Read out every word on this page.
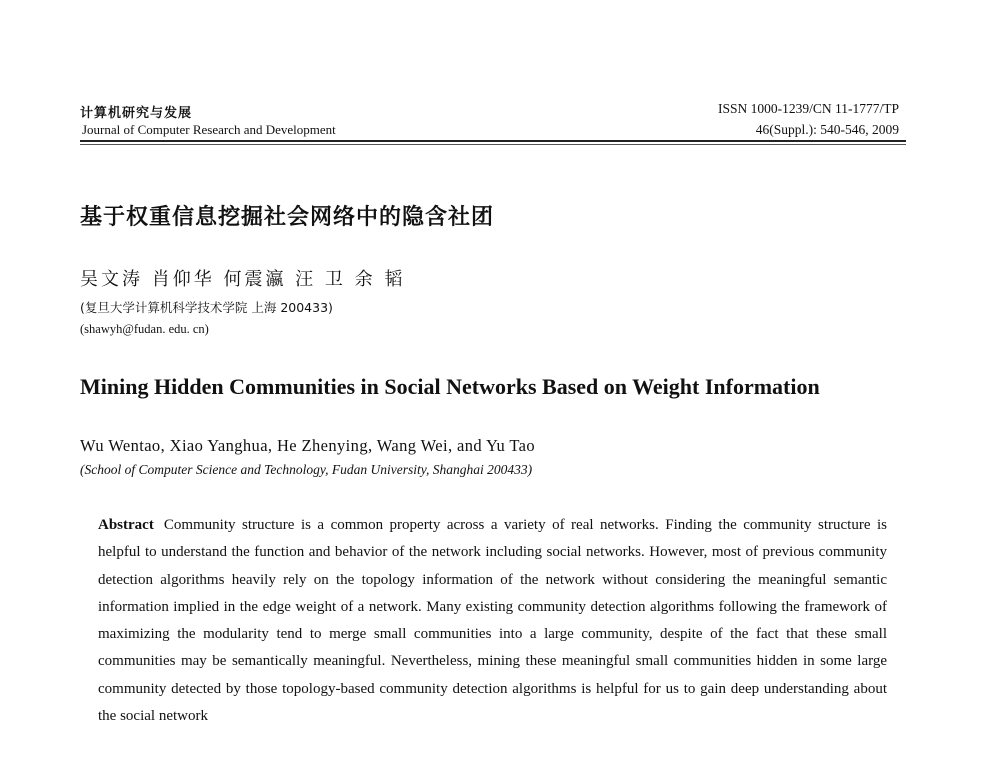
计算机研究与发展
Journal of Computer Research and Development
ISSN 1000-1239/CN 11-1777/TP
46(Suppl.): 540-546, 2009
基于权重信息挖掘社会网络中的隐含社团
吴文涛 肖仰华 何震瀛 汪 卫 余 韬
(复旦大学计算机科学技术学院 上海 200433)
(shawyh@fudan. edu. cn)
Mining Hidden Communities in Social Networks Based on Weight Information
Wu Wentao, Xiao Yanghua, He Zhenying, Wang Wei, and Yu Tao
(School of Computer Science and Technology, Fudan University, Shanghai 200433)
Abstract Community structure is a common property across a variety of real networks. Finding the community structure is helpful to understand the function and behavior of the network including social networks. However, most of previous community detection algorithms heavily rely on the topology information of the network without considering the meaningful semantic information implied in the edge weight of a network. Many existing community detection algorithms following the framework of maximizing the modularity tend to merge small communities into a large community, despite of the fact that these small communities may be semantically meaningful. Nevertheless, mining these meaningful small communities hidden in some large community detected by those topology-based community detection algorithms is helpful for us to gain deep understanding about the social network
